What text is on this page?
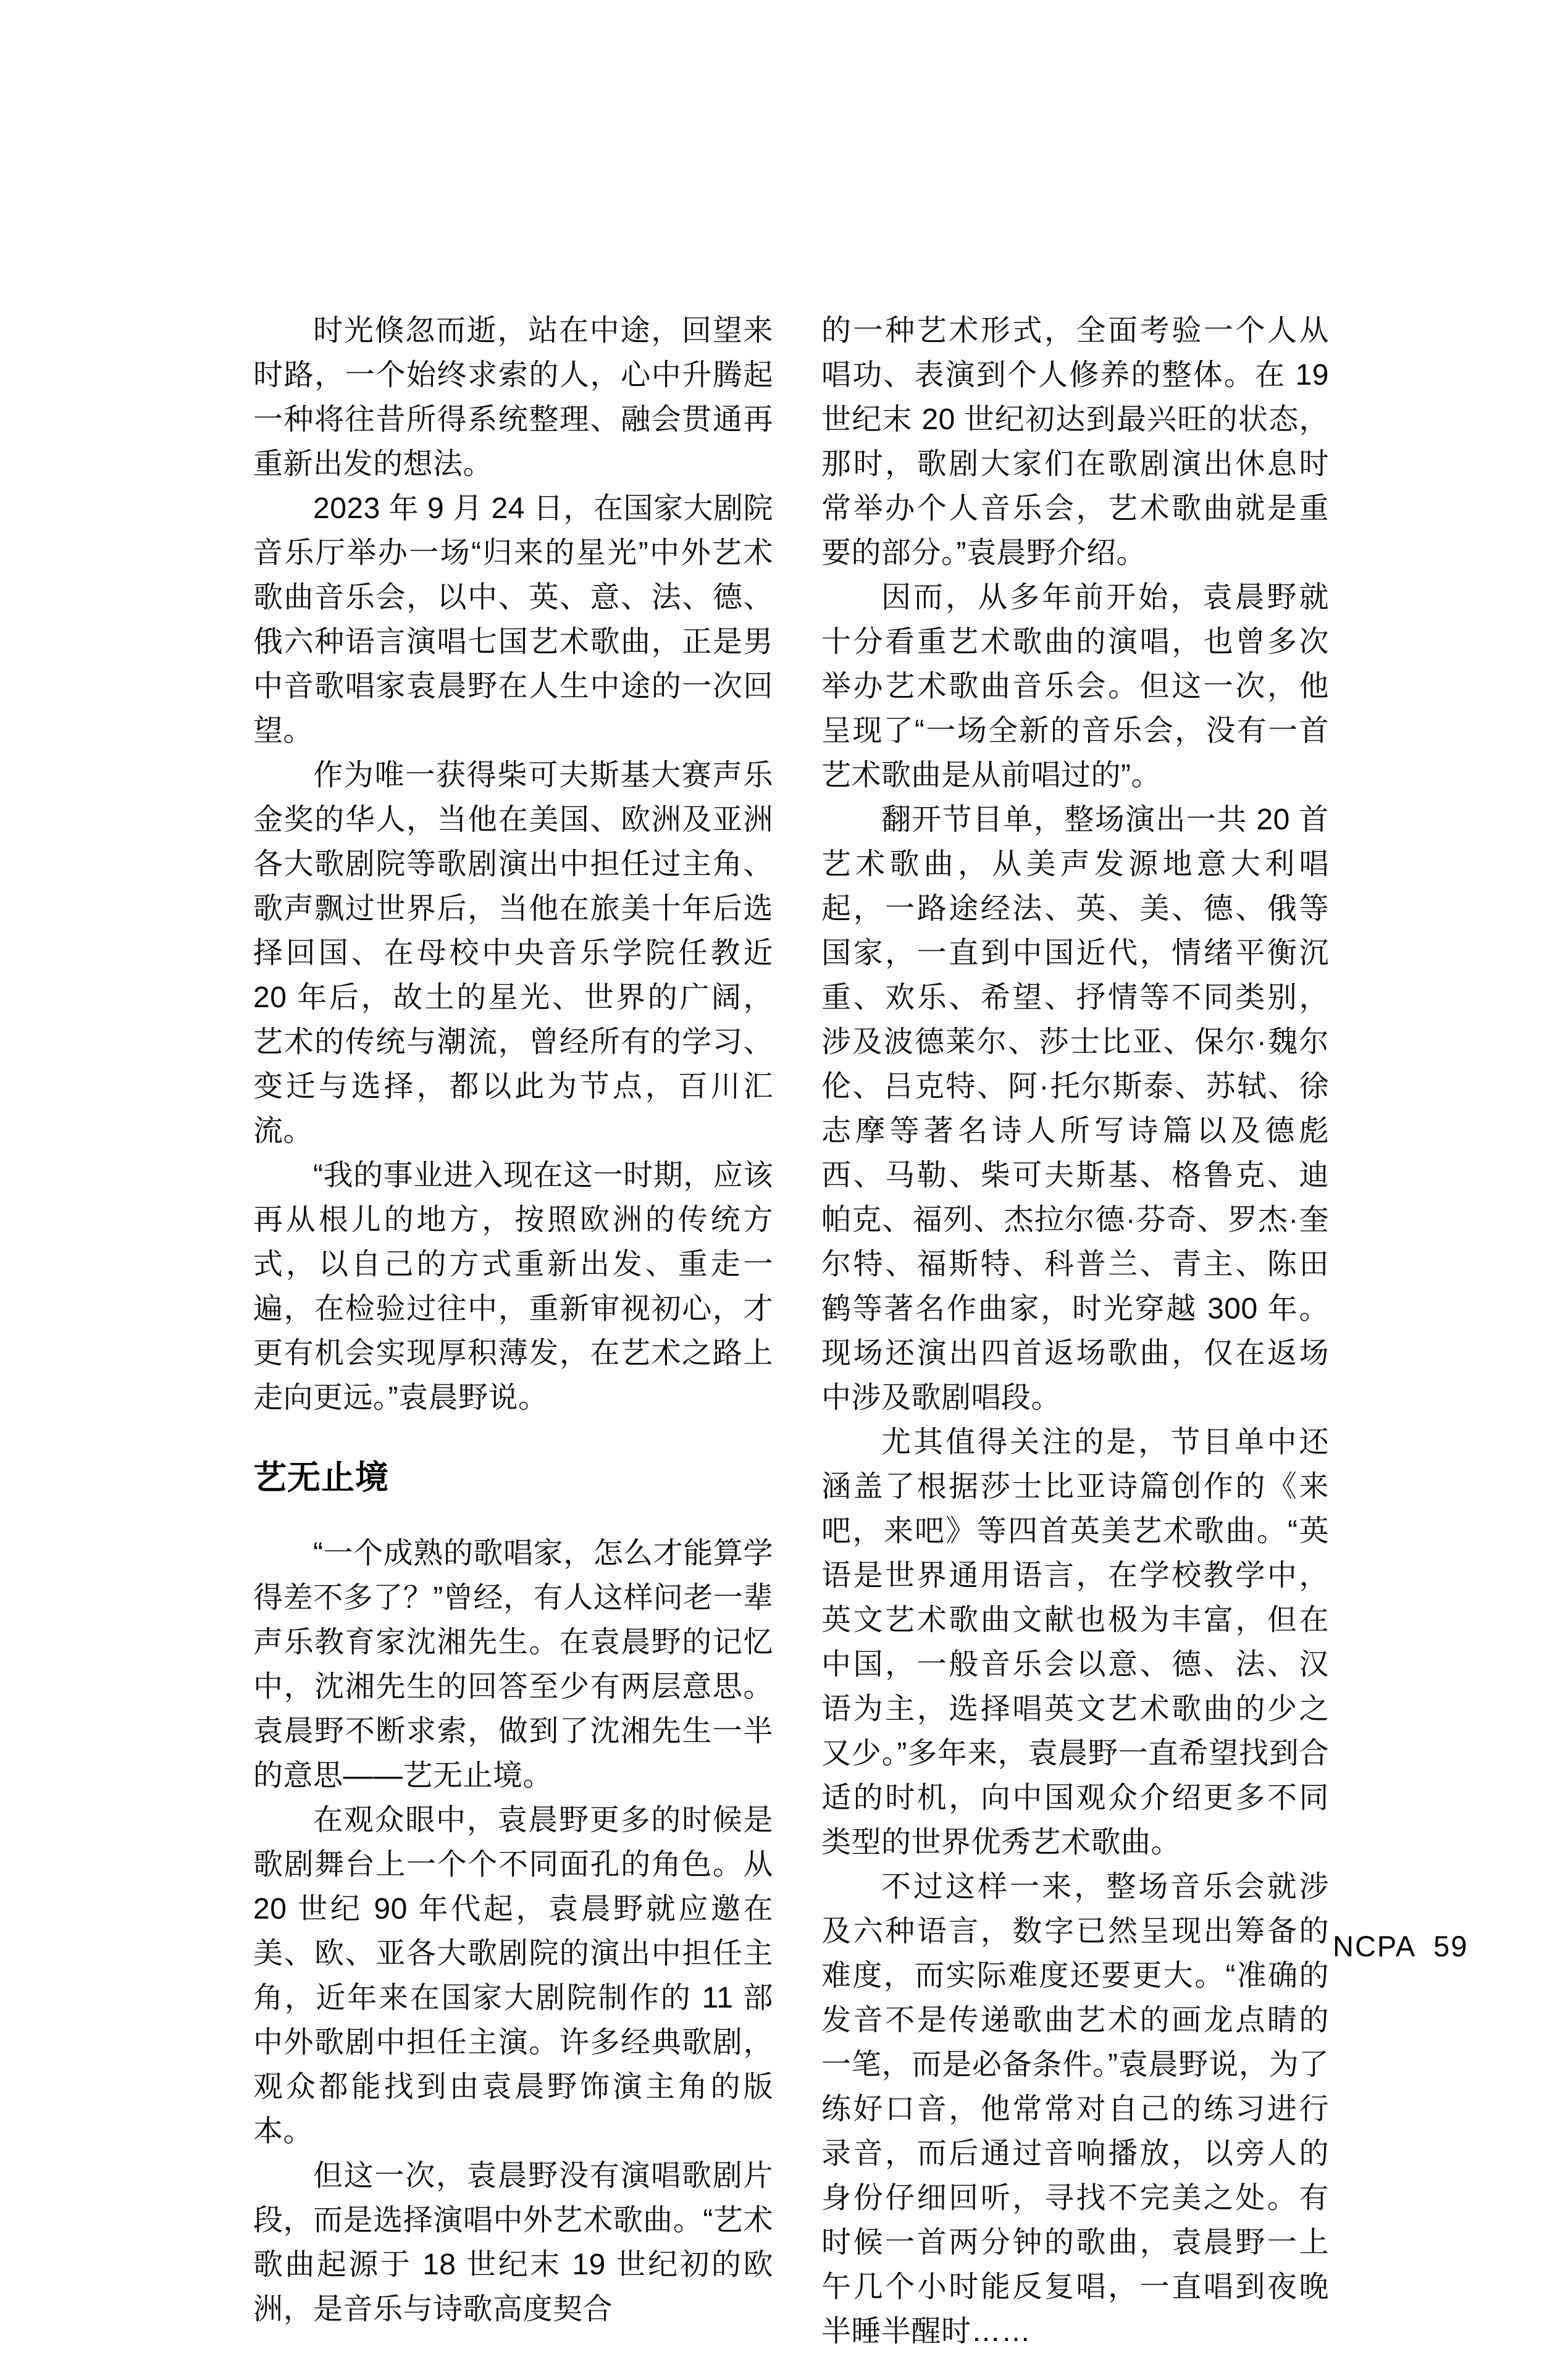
时光倏忽而逝，站在中途，回望来时路，一个始终求索的人，心中升腾起一种将往昔所得系统整理、融会贯通再重新出发的想法。

2023 年 9 月 24 日，在国家大剧院音乐厅举办一场“归来的星光”中外艺术歌曲音乐会，以中、英、意、法、德、俄六种语言演唱七国艺术歌曲，正是男中音歌唱家袁晨野在人生中途的一次回望。

作为唯一获得柴可夫斯基大赛声乐金奖的华人，当他在美国、欧洲及亚洲各大歌剧院等歌剧演出中担任过主角、歌声飘过世界后，当他在旅美十年后选择回国、在母校中央音乐学院任教近 20 年后，故土的星光、世界的广阔，艺术的传统与潮流，曾经所有的学习、变迁与选择，都以此为节点，百川汇流。

“我的事业进入现在这一时期，应该再从根儿的地方，按照欧洲的传统方式，以自己的方式重新出发、重走一遍，在检验过往中，重新审视初心，才更有机会实现厚积薄发，在艺术之路上走向更远。”袁晨野说。

艺无止境

“一个成熟的歌唱家，怎么才能算学得差不多了？”曾经，有人这样问老一辈声乐教育家沈湘先生。在袁晨野的记忆中，沈湘先生的回答至少有两层意思。袁晨野不断求索，做到了沈湘先生一半的意思——艺无止境。

在观众眼中，袁晨野更多的时候是歌剧舞台上一个个不同面孔的角色。从 20 世纪 90 年代起，袁晨野就应邀在美、欧、亚各大歌剧院的演出中担任主角，近年来在国家大剧院制作的 11 部中外歌剧中担任主演。许多经典歌剧，观众都能找到由袁晨野饰演主角的版本。

但这一次，袁晨野没有演唱歌剧片段，而是选择演唱中外艺术歌曲。“艺术歌曲起源于 18 世纪末 19 世纪初的欧洲，是音乐与诗歌高度契合

的一种艺术形式，全面考验一个人从唱功、表演到个人修养的整体。在 19 世纪末 20 世纪初达到最兴旺的状态，那时，歌剧大家们在歌剧演出休息时常举办个人音乐会，艺术歌曲就是重要的部分。”袁晨野介绍。

因而，从多年前开始，袁晨野就十分看重艺术歌曲的演唱，也曾多次举办艺术歌曲音乐会。但这一次，他呈现了“一场全新的音乐会，没有一首艺术歌曲是从前唱过的”。

翻开节目单，整场演出一共 20 首艺术歌曲，从美声发源地意大利唱起，一路途经法、英、美、德、俄等国家，一直到中国近代，情绪平衡沉重、欢乐、希望、抒情等不同类别，涉及波德莱尔、莎士比亚、保尔·魏尔伦、吕克特、阿·托尔斯泰、苏轼、徐志摩等著名诗人所写诗篇以及德彪西、马勒、柴可夫斯基、格鲁克、迪帕克、福列、杰拉尔德·芬奇、罗杰·奎尔特、福斯特、科普兰、青主、陈田鹤等著名作曲家，时光穿越 300 年。现场还演出四首返场歌曲，仅在返场中涉及歌剧唱段。

尤其值得关注的是，节目单中还涵盖了根据莎士比亚诗篇创作的《来吧，来吧》等四首英美艺术歌曲。“英语是世界通用语言，在学校教学中，英文艺术歌曲文献也极为丰富，但在中国，一般音乐会以意、德、法、汉语为主，选择唱英文艺术歌曲的少之又少。”多年来，袁晨野一直希望找到合适的时机，向中国观众介绍更多不同类型的世界优秀艺术歌曲。

不过这样一来，整场音乐会就涉及六种语言，数字已然呈现出筹备的难度，而实际难度还要更大。“准确的发音不是传递歌曲艺术的画龙点睛的一笔，而是必备条件。”袁晨野说，为了练好口音，他常常对自己的练习进行录音，而后通过音响播放，以旁人的身份仔细回听，寻找不完美之处。有时候一首两分钟的歌曲，袁晨野一上午几个小时能反复唱，一直唱到夜晚半睡半醒时……

NCPA 59
